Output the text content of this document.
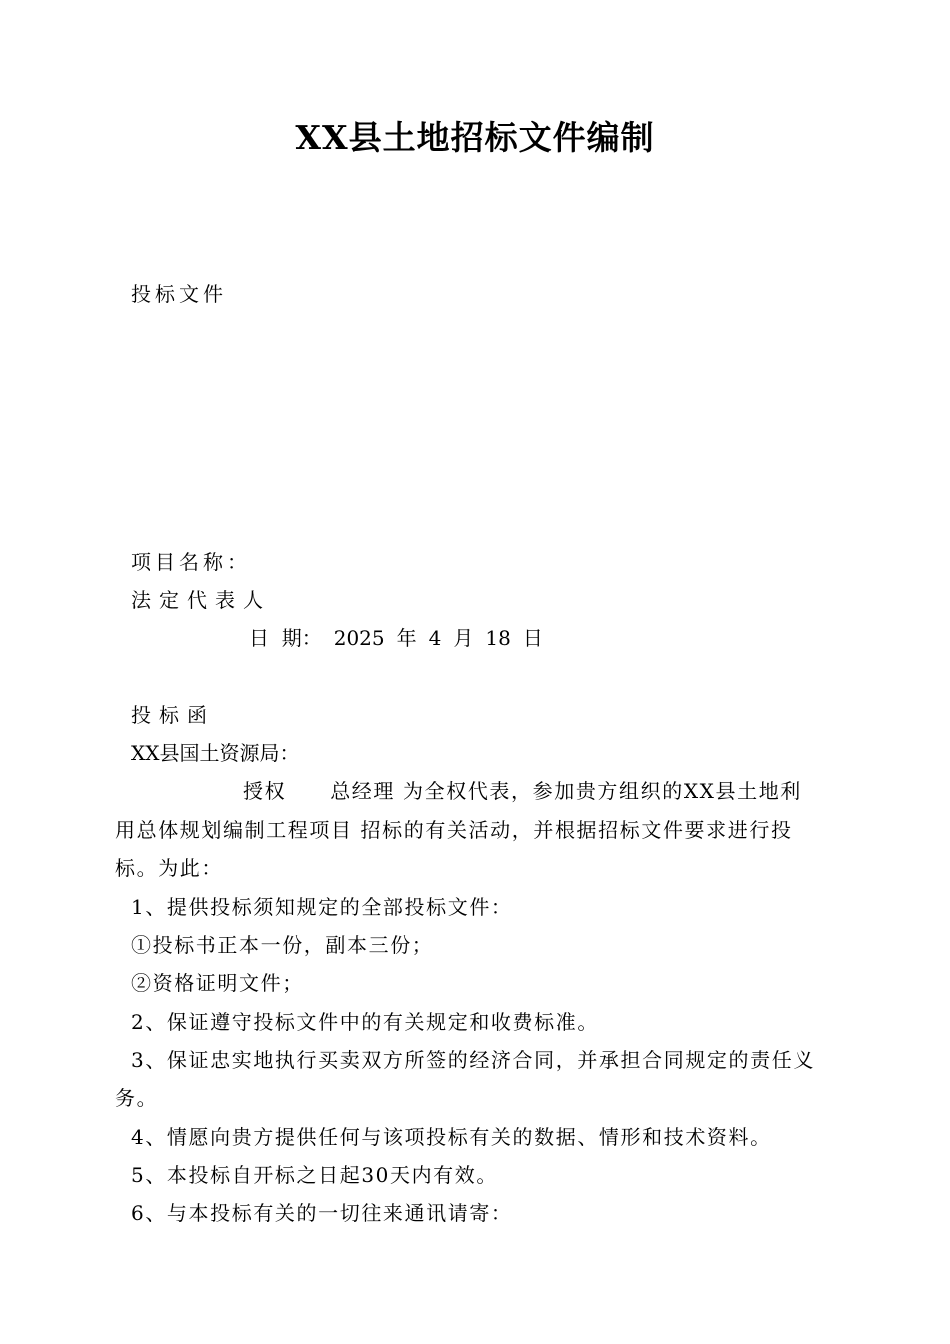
XX县土地招标文件编制
投标文件
项目名称：
法定代表人
日  期： 2025 年 4 月 18 日
投标函
XX县国土资源局：
授权 总经理 为全权代表，参加贵方组织的XX县土地利
用总体规划编制工程项目 招标的有关活动，并根据招标文件要求进行投
标。为此：
1、提供投标须知规定的全部投标文件：
①投标书正本一份，副本三份；
②资格证明文件；
2、保证遵守投标文件中的有关规定和收费标准。
3、保证忠实地执行买卖双方所签的经济合同，并承担合同规定的责任义
务。
4、情愿向贵方提供任何与该项投标有关的数据、情形和技术资料。
5、本投标自开标之日起30天内有效。
6、与本投标有关的一切往来通讯请寄：
